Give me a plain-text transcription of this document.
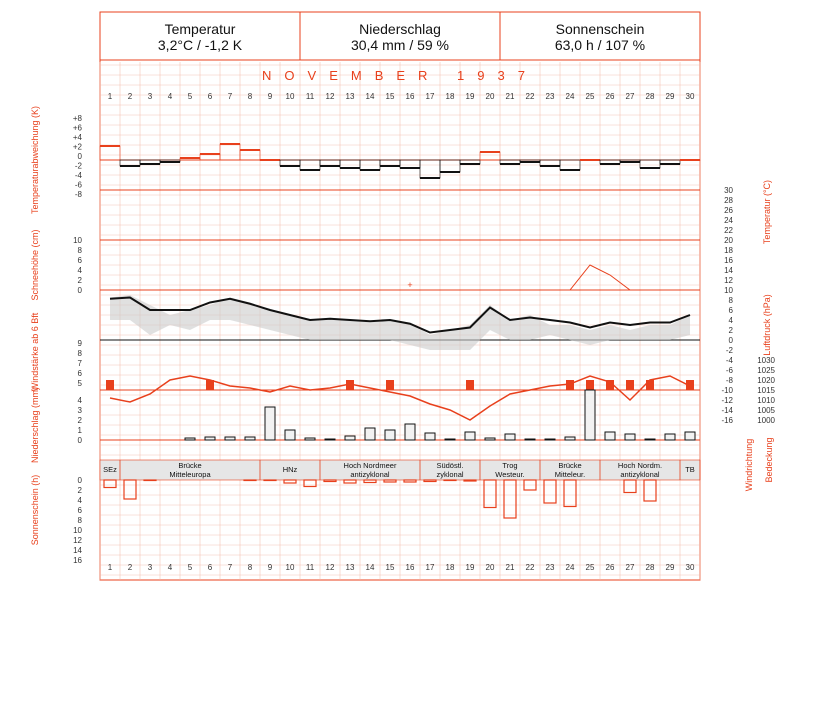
1
1
2
2
3
3
4
4
5
5
6
6
7
7
8
8
9
9
10
10
11
11
12
12
13
13
14
14
15
15
16
16
17
17
18
18
19
19
20
20
21
21
22
22
23
23
24
24
25
25
26
26
27
27
28
28
29
29
30
30
+8
+6
+4
+2
0
-2
-4
-6
-8
10
8
6
4
2
0
9
8
7
6
5
4
3
2
1
0
0
2
4
6
8
10
12
14
16
Temperaturabweichung (K)
Schneehöhe (cm)
Windstärke ab 6 Bft
Niederschlag (mm)
Sonnenschein (h)
30
28
26
24
22
20
18
16
14
12
10
8
6
4
2
0
-2
-4
-6
-8
-10
-12
-14
-16
1030
1025
1020
1015
1010
1005
1000
Temperatur (°C)
Luftdruck (hPa)
Windrichtung Bedeckung
+
SEz	Brücke
Mitteleuropa
HNz	Hoch Nordmeer
antizyklonal
Südöstl.
zyklonal
Trog
Westeur.
Brücke
Mitteleur.
Hoch Nordm.
antizyklonal
TB
NOVEMBER 1937
Temperatur
3,2°C / -1,2 K
Niederschlag
30,4 mm / 59 %
Sonnenschein
63,0 h / 107 %
